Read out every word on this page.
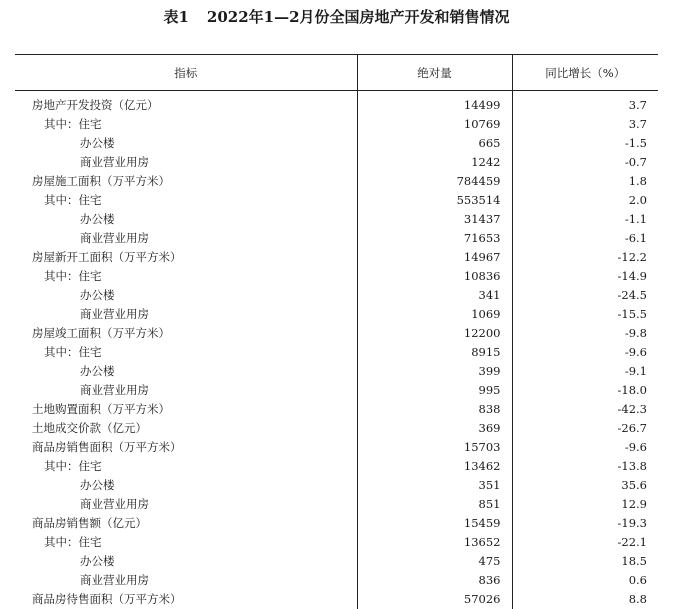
表1 2022年1—2月份全国房地产开发和销售情况
指标	绝对量	同比增长（%）
房地产开发投资（亿元）	14499	3.7
其中：住宅	10769	3.7
办公楼	665	-1.5
商业营业用房	1242	-0.7
房屋施工面积（万平方米）	784459	1.8
其中：住宅	553514	2.0
办公楼	31437	-1.1
商业营业用房	71653	-6.1
房屋新开工面积（万平方米）	14967	-12.2
其中：住宅	10836	-14.9
办公楼	341	-24.5
商业营业用房	1069	-15.5
房屋竣工面积（万平方米）	12200	-9.8
其中：住宅	8915	-9.6
办公楼	399	-9.1
商业营业用房	995	-18.0
土地购置面积（万平方米）	838	-42.3
土地成交价款（亿元）	369	-26.7
商品房销售面积（万平方米）	15703	-9.6
其中：住宅	13462	-13.8
办公楼	351	35.6
商业营业用房	851	12.9
商品房销售额（亿元）	15459	-19.3
其中：住宅	13652	-22.1
办公楼	475	18.5
商业营业用房	836	0.6
商品房待售面积（万平方米）	57026	8.8
